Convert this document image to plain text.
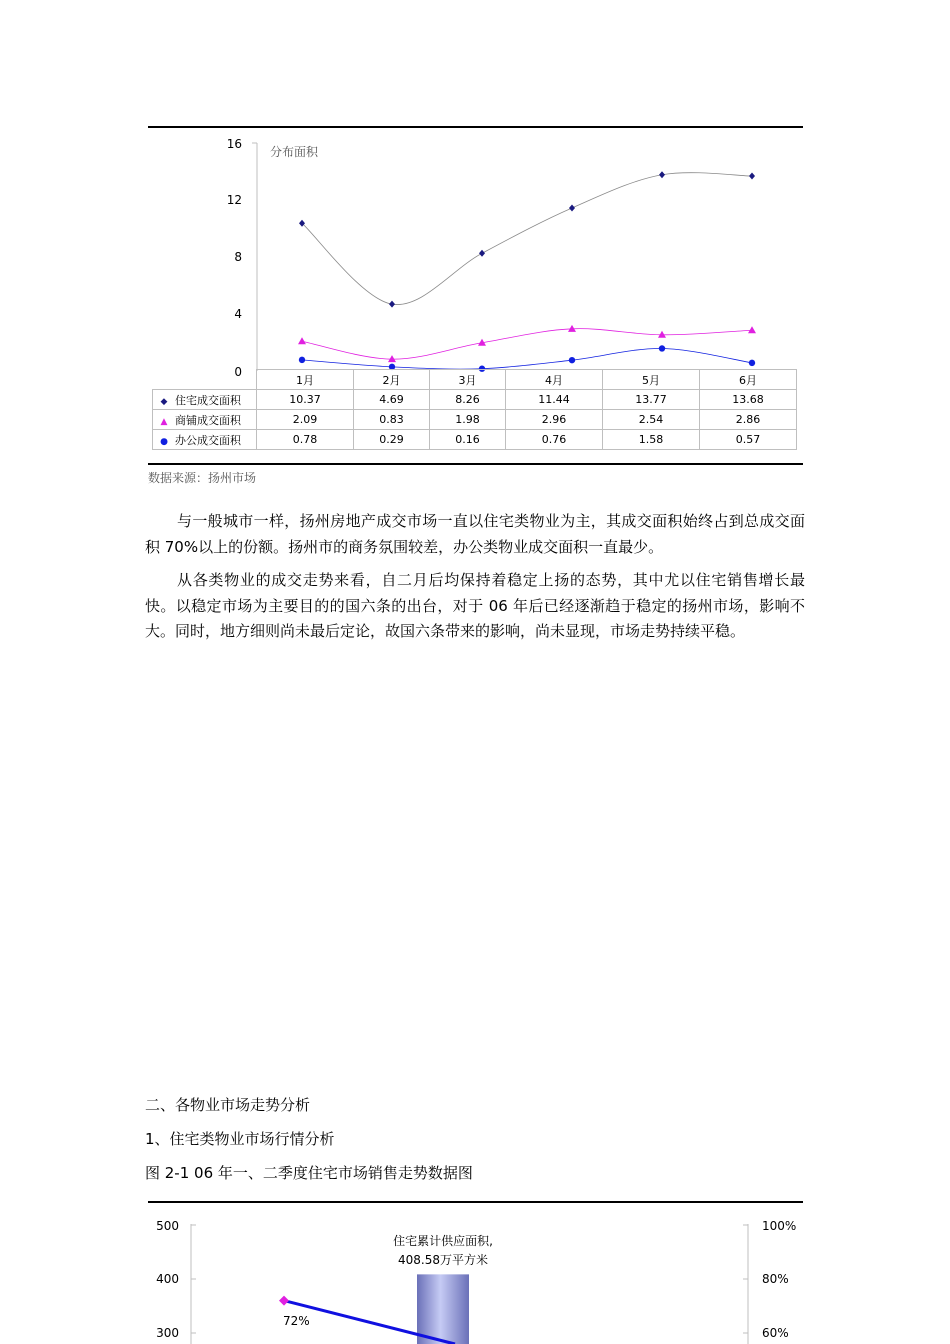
16
12
8
4
0
分布面积
	1月	2月	3月	4月	5月	6月
◆ 住宅成交面积	10.37	4.69	8.26	11.44	13.77	13.68
▲ 商铺成交面积	2.09	0.83	1.98	2.96	2.54	2.86
● 办公成交面积	0.78	0.29	0.16	0.76	1.58	0.57
数据来源：扬州市场

与一般城市一样，扬州房地产成交市场一直以住宅类物业为主，其成交面积始终占到总成交面积 70%以上的份额。扬州市的商务氛围较差，办公类物业成交面积一直最少。

从各类物业的成交走势来看，自二月后均保持着稳定上扬的态势，其中尤以住宅销售增长最快。以稳定市场为主要目的的国六条的出台，对于 06 年后已经逐渐趋于稳定的扬州市场，影响不大。同时，地方细则尚未最后定论，故国六条带来的影响，尚未显现，市场走势持续平稳。

二、各物业市场走势分析
1、住宅类物业市场行情分析
图 2-1 06 年一、二季度住宅市场销售走势数据图
500
400
300
100%
80%
60%
住宅累计供应面积,
408.58万平方米
72%
